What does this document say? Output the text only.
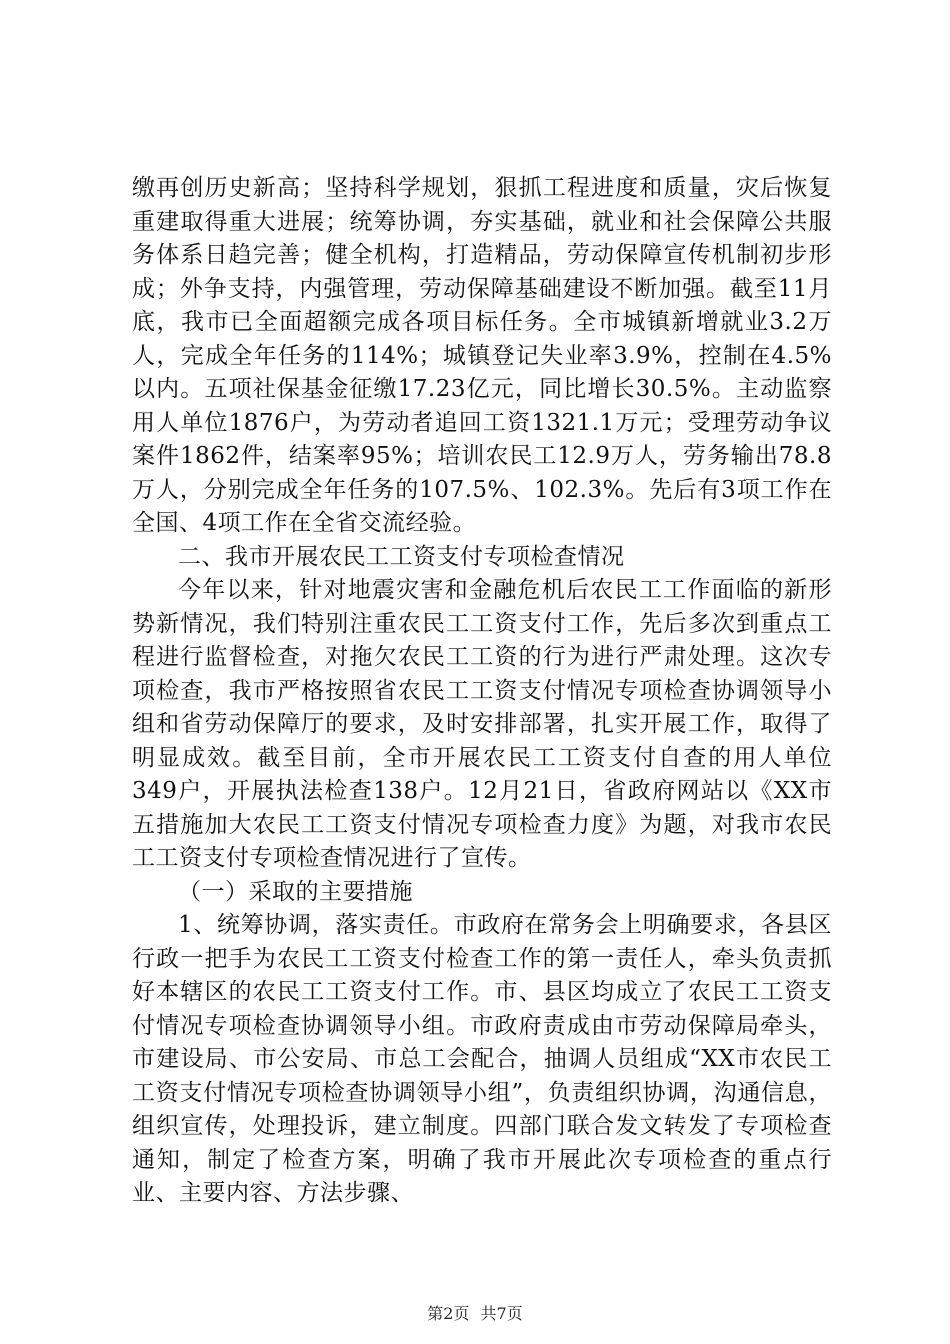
缴再创历史新高；坚持科学规划，狠抓工程进度和质量，灾后恢复重建取得重大进展；统筹协调，夯实基础，就业和社会保障公共服务体系日趋完善；健全机构，打造精品，劳动保障宣传机制初步形成；外争支持，内强管理，劳动保障基础建设不断加强。截至11月底，我市已全面超额完成各项目标任务。全市城镇新增就业3.2万人，完成全年任务的114%；城镇登记失业率3.9%，控制在4.5%以内。五项社保基金征缴17.23亿元，同比增长30.5%。主动监察用人单位1876户，为劳动者追回工资1321.1万元；受理劳动争议案件1862件，结案率95%；培训农民工12.9万人，劳务输出78.8万人，分别完成全年任务的107.5%、102.3%。先后有3项工作在全国、4项工作在全省交流经验。

二、我市开展农民工工资支付专项检查情况

今年以来，针对地震灾害和金融危机后农民工工作面临的新形势新情况，我们特别注重农民工工资支付工作，先后多次到重点工程进行监督检查，对拖欠农民工工资的行为进行严肃处理。这次专项检查，我市严格按照省农民工工资支付情况专项检查协调领导小组和省劳动保障厅的要求，及时安排部署，扎实开展工作，取得了明显成效。截至目前，全市开展农民工工资支付自查的用人单位349户，开展执法检查138户。12月21日，省政府网站以《XX市五措施加大农民工工资支付情况专项检查力度》为题，对我市农民工工资支付专项检查情况进行了宣传。

（一）采取的主要措施

1、统筹协调，落实责任。市政府在常务会上明确要求，各县区行政一把手为农民工工资支付检查工作的第一责任人，牵头负责抓好本辖区的农民工工资支付工作。市、县区均成立了农民工工资支付情况专项检查协调领导小组。市政府责成由市劳动保障局牵头，市建设局、市公安局、市总工会配合，抽调人员组成“XX市农民工工资支付情况专项检查协调领导小组”，负责组织协调，沟通信息，组织宣传，处理投诉，建立制度。四部门联合发文转发了专项检查通知，制定了检查方案，明确了我市开展此次专项检查的重点行业、主要内容、方法步骤、

第2页 共7页
